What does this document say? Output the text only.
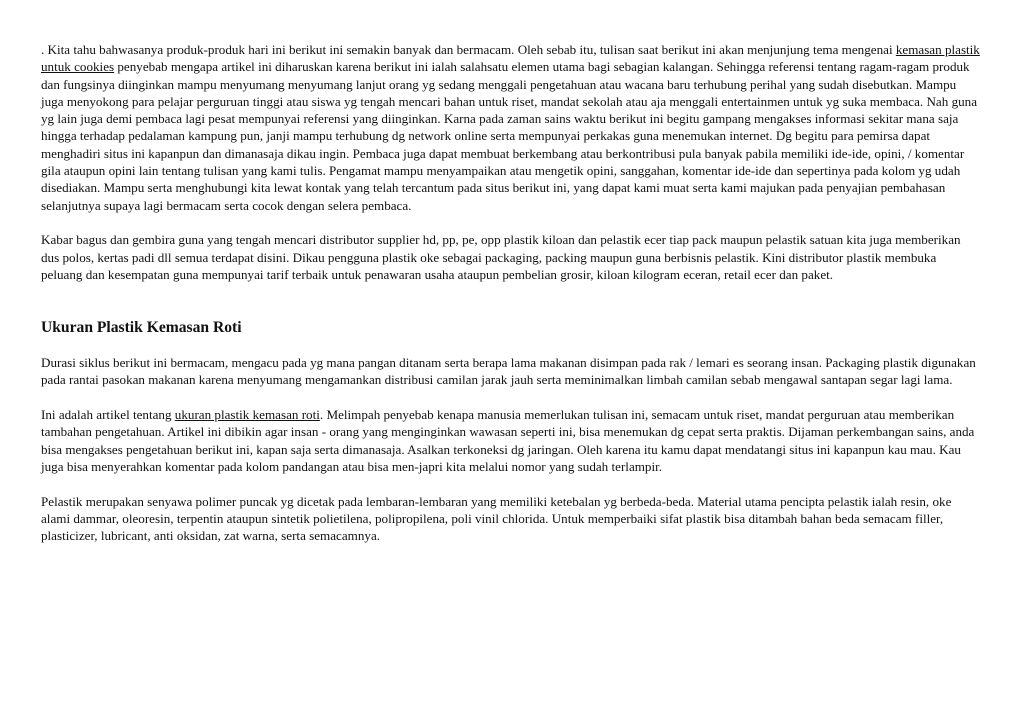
. Kita tahu bahwasanya produk-produk hari ini berikut ini semakin banyak dan bermacam. Oleh sebab itu, tulisan saat berikut ini akan menjunjung tema mengenai kemasan plastik untuk cookies penyebab mengapa artikel ini diharuskan karena berikut ini ialah salahsatu elemen utama bagi sebagian kalangan. Sehingga referensi tentang ragam-ragam produk dan fungsinya diinginkan mampu menyumang menyumang lanjut orang yg sedang menggali pengetahuan atau wacana baru terhubung perihal yang sudah disebutkan. Mampu juga menyokong para pelajar perguruan tinggi atau siswa yg tengah mencari bahan untuk riset, mandat sekolah atau aja menggali entertainmen untuk yg suka membaca. Nah guna yg lain juga demi pembaca lagi pesat mempunyai referensi yang diinginkan. Karna pada zaman sains waktu berikut ini begitu gampang mengakses informasi sekitar mana saja hingga terhadap pedalaman kampung pun, janji mampu terhubung dg network online serta mempunyai perkakas guna menemukan internet. Dg begitu para pemirsa dapat menghadiri situs ini kapanpun dan dimanasaja dikau ingin. Pembaca juga dapat membuat berkembang atau berkontribusi pula banyak pabila memiliki ide-ide, opini, / komentar gila ataupun opini lain tentang tulisan yang kami tulis. Pengamat mampu menyampaikan atau mengetik opini, sanggahan, komentar ide-ide dan sepertinya pada kolom yg udah disediakan. Mampu serta menghubungi kita lewat kontak yang telah tercantum pada situs berikut ini, yang dapat kami muat serta kami majukan pada penyajian pembahasan selanjutnya supaya lagi bermacam serta cocok dengan selera pembaca.

Kabar bagus dan gembira guna yang tengah mencari distributor supplier hd, pp, pe, opp plastik kiloan dan pelastik ecer tiap pack maupun pelastik satuan kita juga memberikan dus polos, kertas padi dll semua terdapat disini. Dikau pengguna plastik oke sebagai packaging, packing maupun guna berbisnis pelastik. Kini distributor plastik membuka peluang dan kesempatan guna mempunyai tarif terbaik untuk penawaran usaha ataupun pembelian grosir, kiloan kilogram eceran, retail ecer dan paket.

Ukuran Plastik Kemasan Roti

Durasi siklus berikut ini bermacam, mengacu pada yg mana pangan ditanam serta berapa lama makanan disimpan pada rak / lemari es seorang insan. Packaging plastik digunakan pada rantai pasokan makanan karena menyumang mengamankan distribusi camilan jarak jauh serta meminimalkan limbah camilan sebab mengawal santapan segar lagi lama.

Ini adalah artikel tentang ukuran plastik kemasan roti. Melimpah penyebab kenapa manusia memerlukan tulisan ini, semacam untuk riset, mandat perguruan atau memberikan tambahan pengetahuan. Artikel ini dibikin agar insan - orang yang menginginkan wawasan seperti ini, bisa menemukan dg cepat serta praktis. Dijaman perkembangan sains, anda bisa mengakses pengetahuan berikut ini, kapan saja serta dimanasaja. Asalkan terkoneksi dg jaringan. Oleh karena itu kamu dapat mendatangi situs ini kapanpun kau mau. Kau juga bisa menyerahkan komentar pada kolom pandangan atau bisa men-japri kita melalui nomor yang sudah terlampir.

Pelastik merupakan senyawa polimer puncak yg dicetak pada lembaran-lembaran yang memiliki ketebalan yg berbeda-beda. Material utama pencipta pelastik ialah resin, oke alami dammar, oleoresin, terpentin ataupun sintetik polietilena, polipropilena, poli vinil chlorida. Untuk memperbaiki sifat plastik bisa ditambah bahan beda semacam filler, plasticizer, lubricant, anti oksidan, zat warna, serta semacamnya.
